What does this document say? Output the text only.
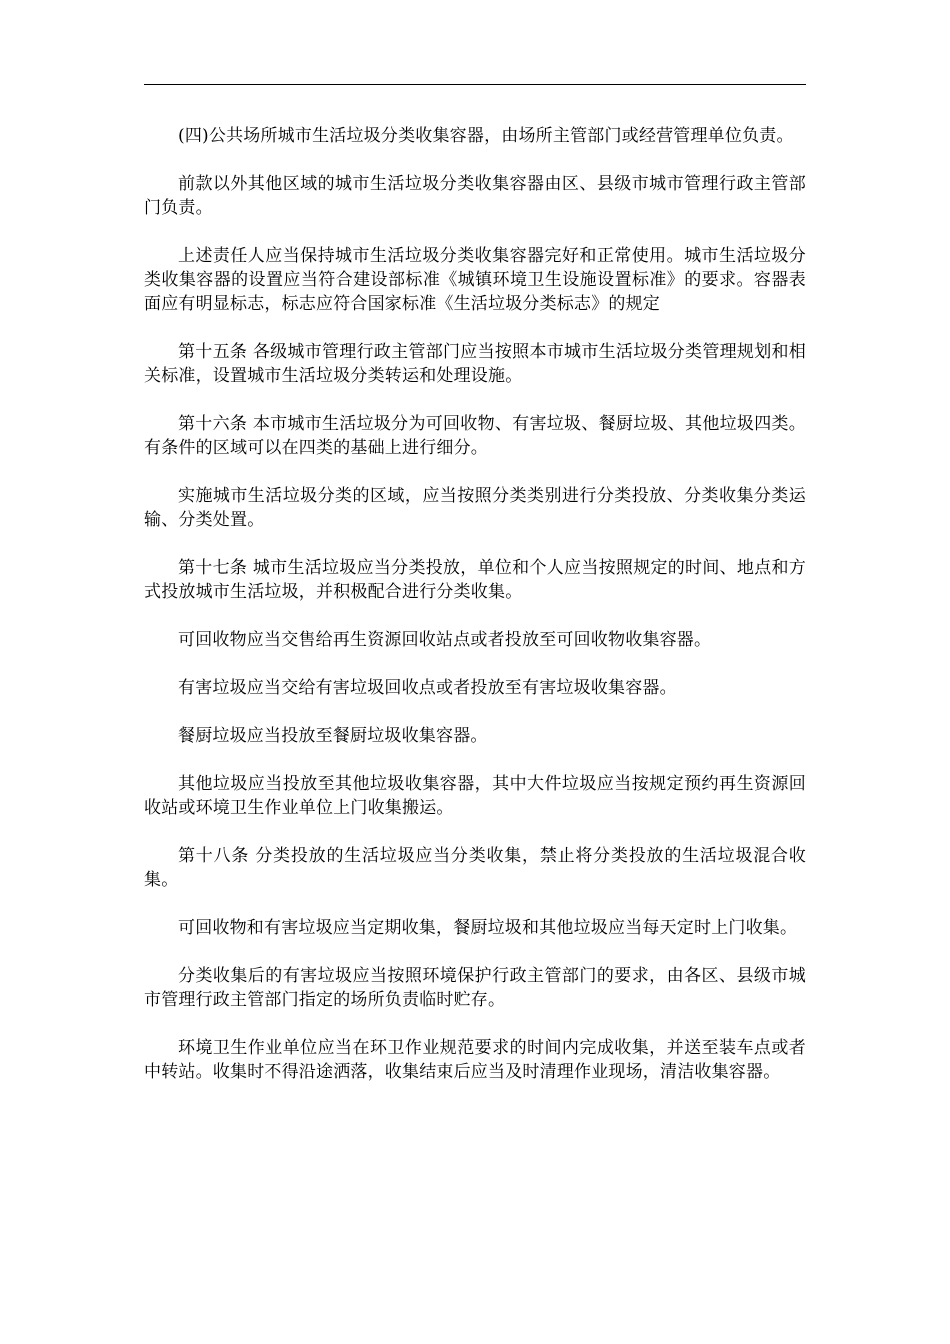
(四)公共场所城市生活垃圾分类收集容器，由场所主管部门或经营管理单位负责。

前款以外其他区域的城市生活垃圾分类收集容器由区、县级市城市管理行政主管部门负责。

上述责任人应当保持城市生活垃圾分类收集容器完好和正常使用。城市生活垃圾分类收集容器的设置应当符合建设部标准《城镇环境卫生设施设置标准》的要求。容器表面应有明显标志，标志应符合国家标准《生活垃圾分类标志》的规定

第十五条 各级城市管理行政主管部门应当按照本市城市生活垃圾分类管理规划和相关标准，设置城市生活垃圾分类转运和处理设施。

第十六条 本市城市生活垃圾分为可回收物、有害垃圾、餐厨垃圾、其他垃圾四类。有条件的区域可以在四类的基础上进行细分。

实施城市生活垃圾分类的区域，应当按照分类类别进行分类投放、分类收集分类运输、分类处置。

第十七条 城市生活垃圾应当分类投放，单位和个人应当按照规定的时间、地点和方式投放城市生活垃圾，并积极配合进行分类收集。

可回收物应当交售给再生资源回收站点或者投放至可回收物收集容器。

有害垃圾应当交给有害垃圾回收点或者投放至有害垃圾收集容器。

餐厨垃圾应当投放至餐厨垃圾收集容器。

其他垃圾应当投放至其他垃圾收集容器，其中大件垃圾应当按规定预约再生资源回收站或环境卫生作业单位上门收集搬运。

第十八条 分类投放的生活垃圾应当分类收集，禁止将分类投放的生活垃圾混合收集。

可回收物和有害垃圾应当定期收集，餐厨垃圾和其他垃圾应当每天定时上门收集。

分类收集后的有害垃圾应当按照环境保护行政主管部门的要求，由各区、县级市城市管理行政主管部门指定的场所负责临时贮存。

环境卫生作业单位应当在环卫作业规范要求的时间内完成收集，并送至装车点或者中转站。收集时不得沿途洒落，收集结束后应当及时清理作业现场，清洁收集容器。
